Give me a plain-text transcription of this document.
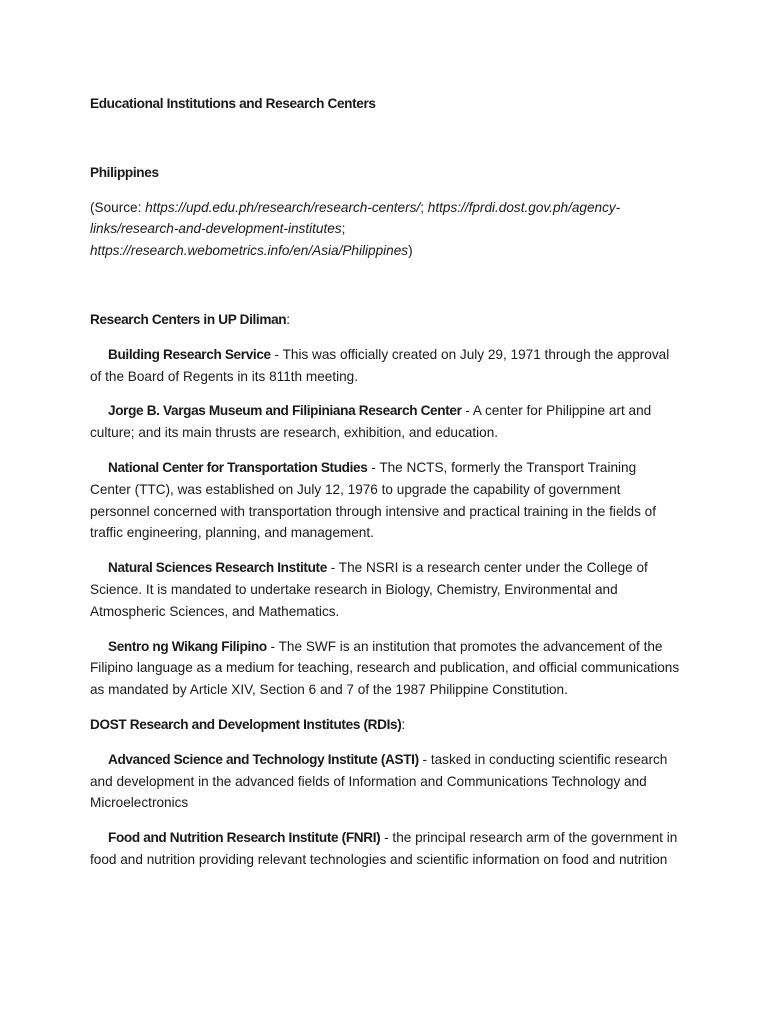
Educational Institutions and Research Centers

Philippines

(Source: https://upd.edu.ph/research/research-centers/; https://fprdi.dost.gov.ph/agency-links/research-and-development-institutes;
https://research.webometrics.info/en/Asia/Philippines)

Research Centers in UP Diliman:

Building Research Service - This was officially created on July 29, 1971 through the approval of the Board of Regents in its 811th meeting.

Jorge B. Vargas Museum and Filipiniana Research Center - A center for Philippine art and culture; and its main thrusts are research, exhibition, and education.

National Center for Transportation Studies - The NCTS, formerly the Transport Training Center (TTC), was established on July 12, 1976 to upgrade the capability of government personnel concerned with transportation through intensive and practical training in the fields of traffic engineering, planning, and management.

Natural Sciences Research Institute - The NSRI is a research center under the College of Science. It is mandated to undertake research in Biology, Chemistry, Environmental and Atmospheric Sciences, and Mathematics.

Sentro ng Wikang Filipino - The SWF is an institution that promotes the advancement of the Filipino language as a medium for teaching, research and publication, and official communications as mandated by Article XIV, Section 6 and 7 of the 1987 Philippine Constitution.

DOST Research and Development Institutes (RDIs):

Advanced Science and Technology Institute (ASTI) - tasked in conducting scientific research and development in the advanced fields of Information and Communications Technology and Microelectronics

Food and Nutrition Research Institute (FNRI) - the principal research arm of the government in food and nutrition providing relevant technologies and scientific information on food and nutrition
